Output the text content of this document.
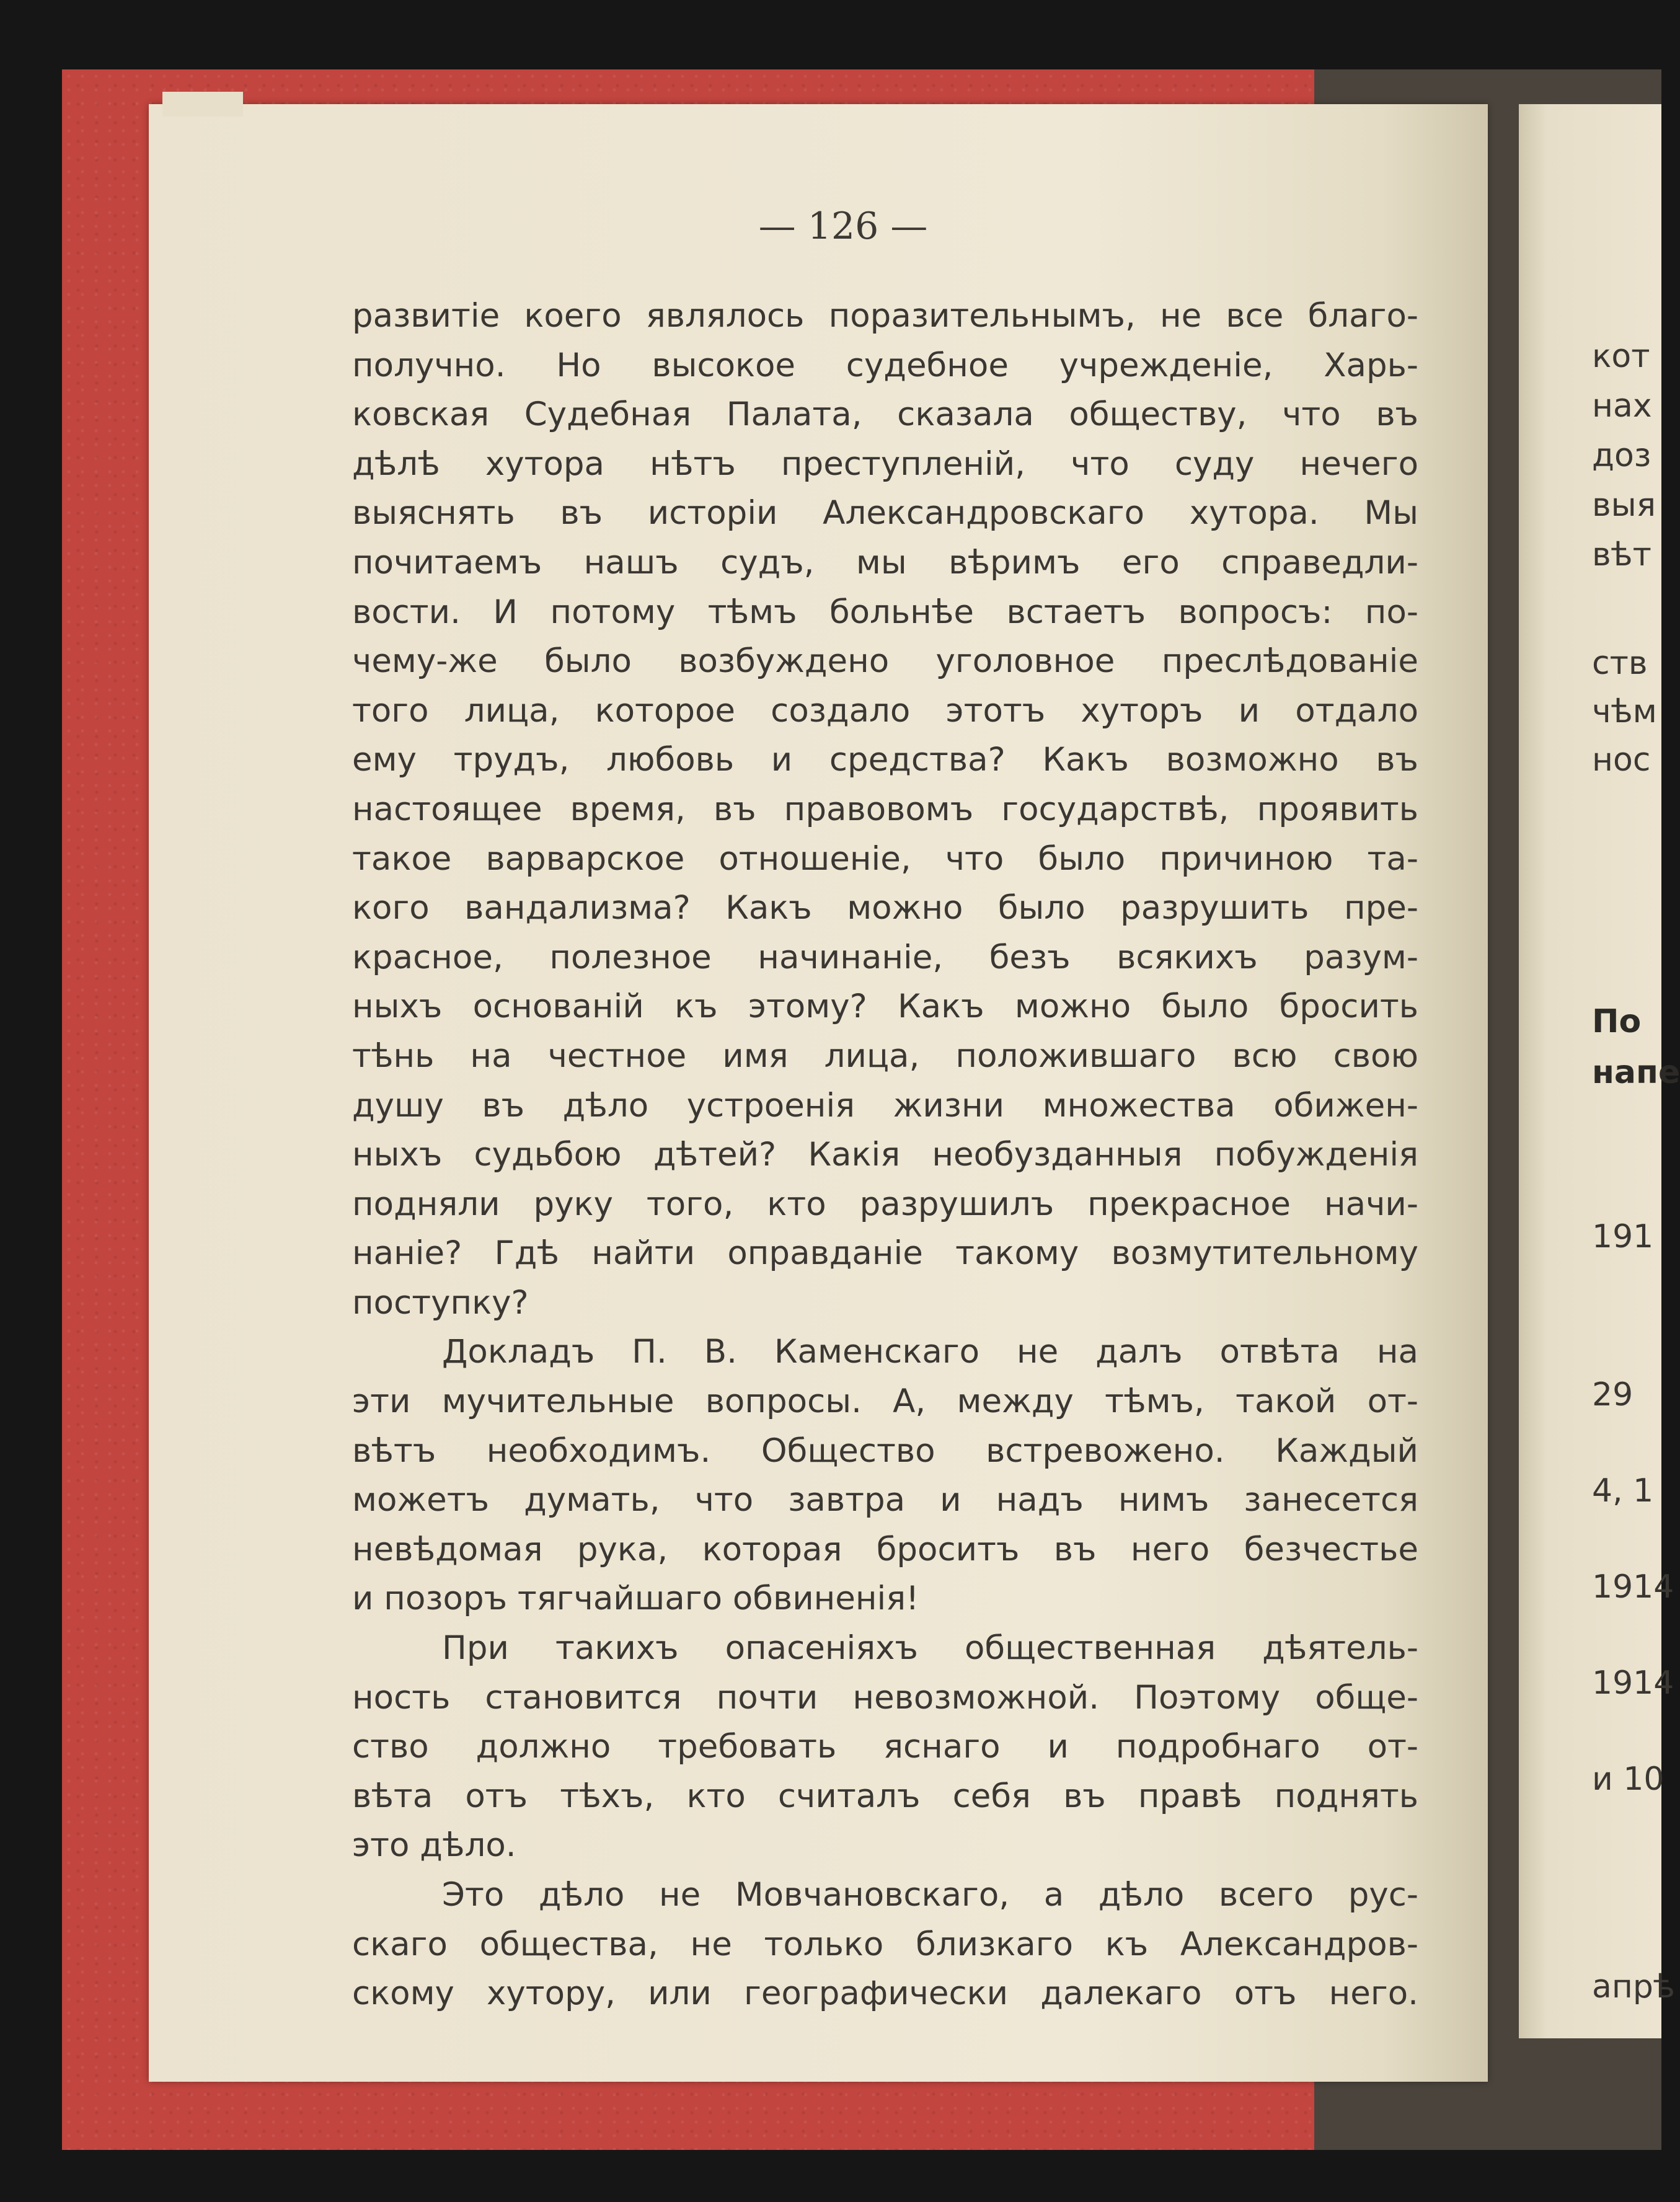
— 126 —
развитіе коего являлось поразительнымъ, не все благо-
получно. Но высокое судебное учрежденіе, Харь-
ковская Судебная Палата, сказала обществу, что въ
дѣлѣ хутора нѣтъ преступленій, что суду нечего
выяснять въ исторіи Александровскаго хутора. Мы
почитаемъ нашъ судъ, мы вѣримъ его справедли-
вости. И потому тѣмъ больнѣе встаетъ вопросъ: по-
чему-же было возбуждено уголовное преслѣдованіе
того лица, которое создало этотъ хуторъ и отдало
ему трудъ, любовь и средства? Какъ возможно въ
настоящее время, въ правовомъ государствѣ, проявить
такое варварское отношеніе, что было причиною та-
кого вандализма? Какъ можно было разрушить пре-
красное, полезное начинаніе, безъ всякихъ разум-
ныхъ основаній къ этому? Какъ можно было бросить
тѣнь на честное имя лица, положившаго всю свою
душу въ дѣло устроенія жизни множества обижен-
ныхъ судьбою дѣтей? Какія необузданныя побужденія
подняли руку того, кто разрушилъ прекрасное начи-
наніе? Гдѣ найти оправданіе такому возмутительному
поступку?
Докладъ П. В. Каменскаго не далъ отвѣта на
эти мучительные вопросы. А, между тѣмъ, такой от-
вѣтъ необходимъ. Общество встревожено. Каждый
можетъ думать, что завтра и надъ нимъ занесется
невѣдомая рука, которая броситъ въ него безчестье
и позоръ тягчайшаго обвиненія!
При такихъ опасеніяхъ общественная дѣятель-
ность становится почти невозможной. Поэтому обще-
ство должно требовать яснаго и подробнаго от-
вѣта отъ тѣхъ, кто считалъ себя въ правѣ поднять
это дѣло.
Это дѣло не Мовчановскаго, а дѣло всего рус-
скаго общества, не только близкаго къ Александров-
скому хутору, или географически далекаго отъ него.
кот
нах
доз
выя
вѣт
ств
чѣм
нос
По
напе
191
29
4, 1
1914
1914
и 10
апрѣ
